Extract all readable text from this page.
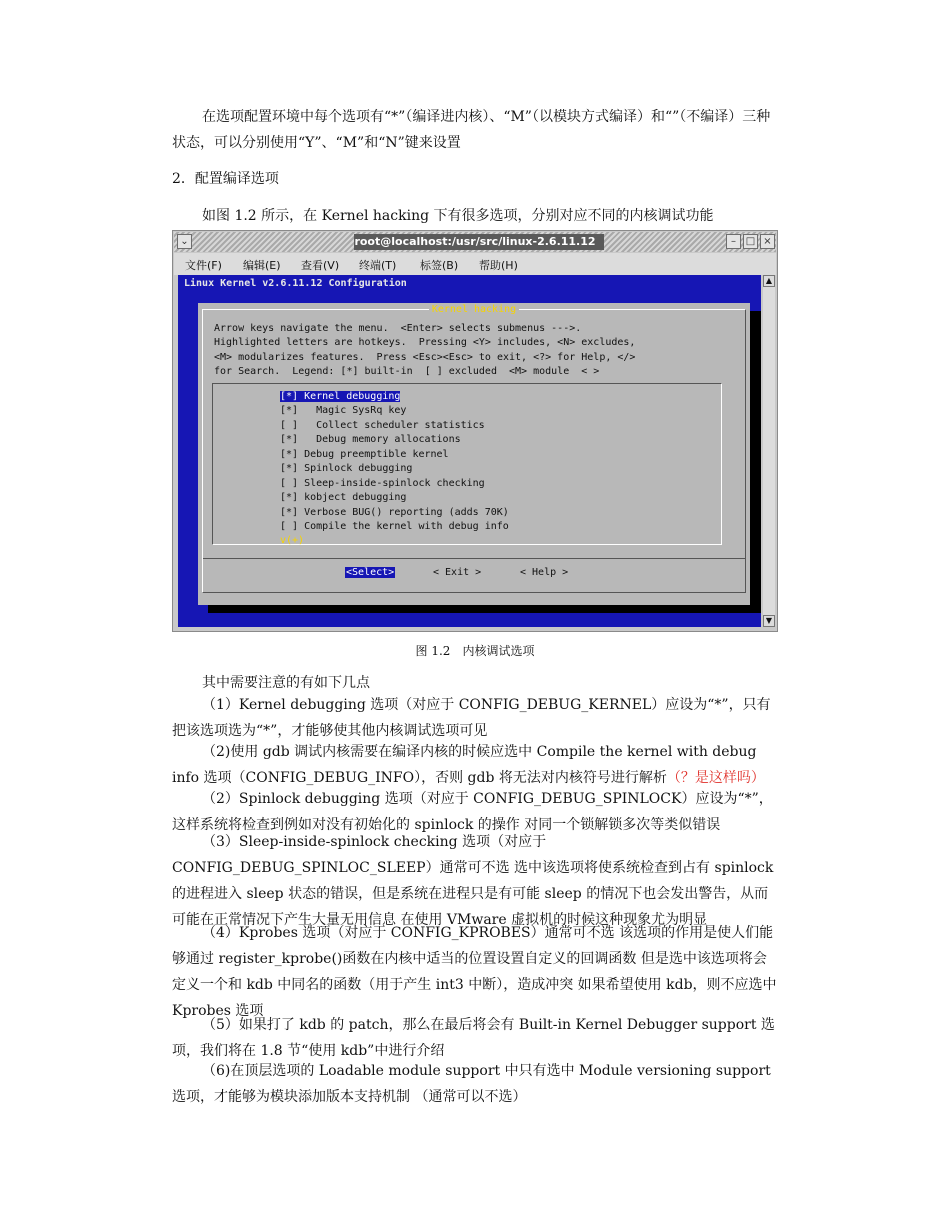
在选项配置环境中每个选项有“*”（编译进内核）、“M”（以模块方式编译）和“”（不编译）三种状态，可以分别使用“Y”、“M”和“N”键来设置
2．配置编译选项
如图 1.2 所示，在 Kernel hacking 下有很多选项，分别对应不同的内核调试功能
⌄	root@localhost:/usr/src/linux-2.6.11.12	– □ ×
文件(F) 编辑(E) 查看(V) 终端(T) 标签(B) 帮助(H)
Linux Kernel v2.6.11.12 Configuration
Kernel hacking
Arrow keys navigate the menu.  <Enter> selects submenus --->.
Highlighted letters are hotkeys.  Pressing <Y> includes, <N> excludes,
<M> modularizes features.  Press <Esc><Esc> to exit, <?> for Help, </>
for Search.  Legend: [*] built-in  [ ] excluded  <M> module  < >
[*] Kernel debugging
[*]   Magic SysRq key
[ ]   Collect scheduler statistics
[*]   Debug memory allocations
[*] Debug preemptible kernel
[*] Spinlock debugging
[ ] Sleep-inside-spinlock checking
[*] kobject debugging
[*] Verbose BUG() reporting (adds 70K)
[ ] Compile the kernel with debug info
v(+)
<Select>	< Exit >	< Help >
▲
▼
图 1.2　内核调试选项
其中需要注意的有如下几点
（1）Kernel debugging 选项（对应于 CONFIG_DEBUG_KERNEL）应设为“*”，只有把该选项选为“*”，才能够使其他内核调试选项可见
（2)使用 gdb 调试内核需要在编译内核的时候应选中 Compile the kernel with debug info 选项（CONFIG_DEBUG_INFO），否则 gdb 将无法对内核符号进行解析（？是这样吗）
（2）Spinlock debugging 选项（对应于 CONFIG_DEBUG_SPINLOCK）应设为“*”，这样系统将检查到例如对没有初始化的 spinlock 的操作 对同一个锁解锁多次等类似错误
（3）Sleep-inside-spinlock checking 选项（对应于 CONFIG_DEBUG_SPINLOC_SLEEP）通常可不选 选中该选项将使系统检查到占有 spinlock 的进程进入 sleep 状态的错误，但是系统在进程只是有可能 sleep 的情况下也会发出警告，从而可能在正常情况下产生大量无用信息 在使用 VMware 虚拟机的时候这种现象尤为明显
（4）Kprobes 选项（对应于 CONFIG_KPROBES）通常可不选 该选项的作用是使人们能够通过 register_kprobe()函数在内核中适当的位置设置自定义的回调函数 但是选中该选项将会定义一个和 kdb 中同名的函数（用于产生 int3 中断），造成冲突 如果希望使用 kdb，则不应选中 Kprobes 选项
（5）如果打了 kdb 的 patch，那么在最后将会有 Built-in Kernel Debugger support 选项，我们将在 1.8 节“使用 kdb”中进行介绍
（6)在顶层选项的 Loadable module support 中只有选中 Module versioning support 选项，才能够为模块添加版本支持机制 （通常可以不选）
